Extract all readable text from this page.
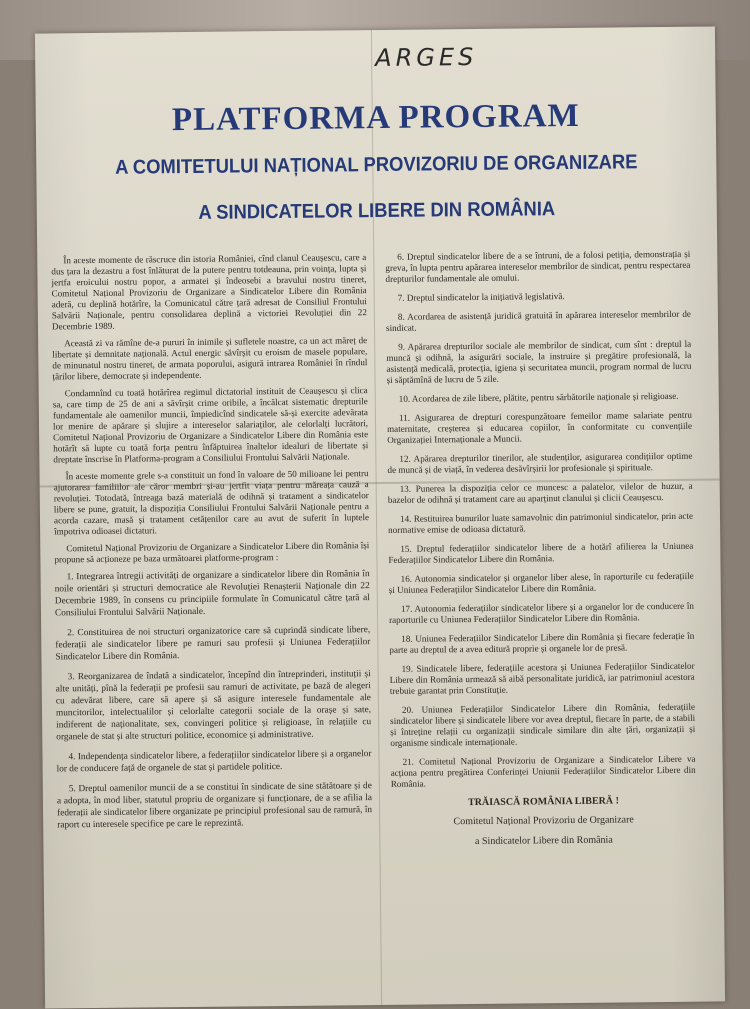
ARGES
PLATFORMA PROGRAM
A COMITETULUI NAȚIONAL PROVIZORIU DE ORGANIZARE
A SINDICATELOR LIBERE DIN ROMÂNIA

În aceste momente de răscruce din istoria României, cînd clanul Ceaușescu, care a dus țara la dezastru a fost înlăturat de la putere pentru totdeauna, prin voința, lupta și jertfa eroicului nostru popor, a armatei și îndeosebi a bravului nostru tineret, Comitetul Național Provizoriu de Organizare a Sindicatelor Libere din România aderă, cu deplină hotărîre, la Comunicatul către țară adresat de Consiliul Frontului Salvării Naționale, pentru consolidarea deplină a victoriei Revoluției din 22 Decembrie 1989.

Această zi va rămîne de-a pururi în inimile și sufletele noastre, ca un act măreț de libertate și demnitate națională. Actul energic săvîrșit cu eroism de masele populare, de minunatul nostru tineret, de armata poporului, asigură intrarea României în rîndul țărilor libere, democrate și independente.

Condamnînd cu toată hotărîrea regimul dictatorial instituit de Ceaușescu și clica sa, care timp de 25 de ani a săvîrșit crime oribile, a încălcat sistematic drepturile fundamentale ale oamenilor muncii, împiedicînd sindicatele să-și exercite adevărata lor menire de apărare și slujire a intereselor salariaților, ale celorlalți lucrători, Comitetul Național Provizoriu de Organizare a Sindicatelor Libere din România este hotărît să lupte cu toată forța pentru înfăptuirea înaltelor idealuri de libertate și dreptate înscrise în Platforma-program a Consiliului Frontului Salvării Naționale.

În aceste momente grele s-a constituit un fond în valoare de 50 milioane lei pentru ajutorarea familiilor ale căror membri și-au jertfit viața pentru măreața cauză a revoluției. Totodată, întreaga bază materială de odihnă și tratament a sindicatelor libere se pune, gratuit, la dispoziția Consiliului Frontului Salvării Naționale pentru a acorda cazare, masă și tratament cetățenilor care au avut de suferit în luptele împotriva odioasei dictaturi.

Comitetul Național Provizoriu de Organizare a Sindicatelor Libere din România își propune să acționeze pe baza următoarei platforme-program :

1. Integrarea întregii activități de organizare a sindicatelor libere din România în noile orientări și structuri democratice ale Revoluției Renașterii Naționale din 22 Decembrie 1989, în consens cu principiile formulate în Comunicatul către țară al Consiliului Frontului Salvării Naționale.

2. Constituirea de noi structuri organizatorice care să cuprindă sindicate libere, federații ale sindicatelor libere pe ramuri sau profesii și Uniunea Federațiilor Sindicatelor Libere din România.

3. Reorganizarea de îndată a sindicatelor, începînd din întreprinderi, instituții și alte unități, pînă la federații pe profesii sau ramuri de activitate, pe bază de alegeri cu adevărat libere, care să apere și să asigure interesele fundamentale ale muncitorilor, intelectualilor și celorlalte categorii sociale de la orașe și sate, indiferent de naționalitate, sex, convingeri politice și religioase, în relațiile cu organele de stat și alte structuri politice, economice și administrative.

4. Independența sindicatelor libere, a federațiilor sindicatelor libere și a organelor lor de conducere față de organele de stat și partidele politice.

5. Dreptul oamenilor muncii de a se constitui în sindicate de sine stătătoare și de a adopta, în mod liber, statutul propriu de organizare și funcționare, de a se afilia la federații ale sindicatelor libere organizate pe principiul profesional sau de ramură, în raport cu interesele specifice pe care le reprezintă.

6. Dreptul sindicatelor libere de a se întruni, de a folosi petiția, demonstrația și greva, în lupta pentru apărarea intereselor membrilor de sindicat, pentru respectarea drepturilor fundamentale ale omului.

7. Dreptul sindicatelor la inițiativă legislativă.

8. Acordarea de asistență juridică gratuită în apărarea intereselor membrilor de sindicat.

9. Apărarea drepturilor sociale ale membrilor de sindicat, cum sînt : dreptul la muncă și odihnă, la asigurări sociale, la instruire și pregătire profesională, la asistență medicală, protecția, igiena și securitatea muncii, program normal de lucru și săptămînă de lucru de 5 zile.

10. Acordarea de zile libere, plătite, pentru sărbătorile naționale și religioase.

11. Asigurarea de drepturi corespunzătoare femeilor mame salariate pentru maternitate, creșterea și educarea copiilor, în conformitate cu convențiile Organizației Internaționale a Muncii.

12. Apărarea drepturilor tinerilor, ale studenților, asigurarea condițiilor optime de muncă și de viață, în vederea desăvîrșirii lor profesionale și spirituale.

13. Punerea la dispoziția celor ce muncesc a palatelor, vilelor de huzur, a bazelor de odihnă și tratament care au aparținut clanului și clicii Ceaușescu.

14. Restituirea bunurilor luate samavolnic din patrimoniul sindicatelor, prin acte normative emise de odioasa dictatură.

15. Dreptul federațiilor sindicatelor libere de a hotărî afilierea la Uniunea Federațiilor Sindicatelor Libere din România.

16. Autonomia sindicatelor și organelor liber alese, în raporturile cu federațiile și Uniunea Federațiilor Sindicatelor Libere din România.

17. Autonomia federațiilor sindicatelor libere și a organelor lor de conducere în raporturile cu Uniunea Federațiilor Sindicatelor Libere din România.

18. Uniunea Federațiilor Sindicatelor Libere din România și fiecare federație în parte au dreptul de a avea editură proprie și organele lor de presă.

19. Sindicatele libere, federațiile acestora și Uniunea Federațiilor Sindicatelor Libere din România urmează să aibă personalitate juridică, iar patrimoniul acestora trebuie garantat prin Constituție.

20. Uniunea Federațiilor Sindicatelor Libere din România, federațiile sindicatelor libere și sindicatele libere vor avea dreptul, fiecare în parte, de a stabili și întreține relații cu organizații sindicale similare din alte țări, organizații și organisme sindicale internaționale.

21. Comitetul Național Provizoriu de Organizare a Sindicatelor Libere va acționa pentru pregătirea Conferinței Uniunii Federațiilor Sindicatelor Libere din România.

TRĂIASCĂ ROMÂNIA LIBERĂ !

Comitetul Național Provizoriu de Organizare

a Sindicatelor Libere din România
